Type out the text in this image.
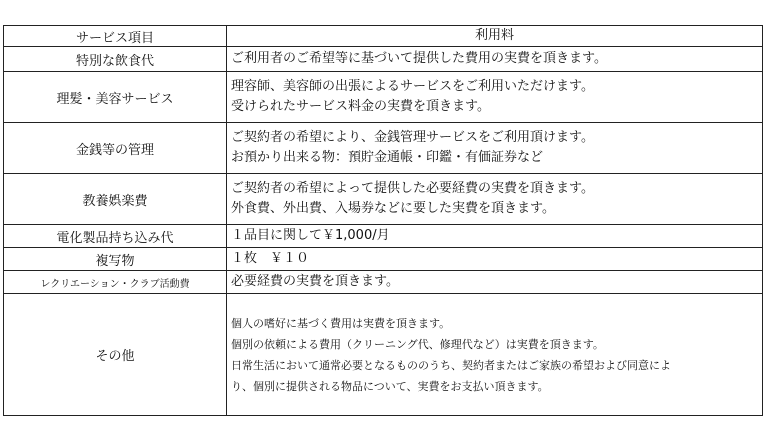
サービス項目	利用料
特別な飲食代	ご利用者のご希望等に基づいて提供した費用の実費を頂きます。

理髪・美容サービス	理容師、美容師の出張によるサービスをご利用いただけます。
受けられたサービス料金の実費を頂きます。

金銭等の管理	ご契約者の希望により、金銭管理サービスをご利用頂けます。
お預かり出来る物：預貯金通帳・印鑑・有価証券など

教養娯楽費	ご契約者の希望によって提供した必要経費の実費を頂きます。
外食費、外出費、入場券などに要した実費を頂きます。

電化製品持ち込み代	１品目に関して￥1,000/月

複写物	１枚　￥１０

レクリエーション・クラブ活動費	必要経費の実費を頂きます。

その他	個人の嗜好に基づく費用は実費を頂きます。
個別の依頼による費用（クリーニング代、修理代など）は実費を頂きます。
日常生活において通常必要となるもののうち、契約者またはご家族の希望および同意によ
り、個別に提供される物品について、実費をお支払い頂きます。
